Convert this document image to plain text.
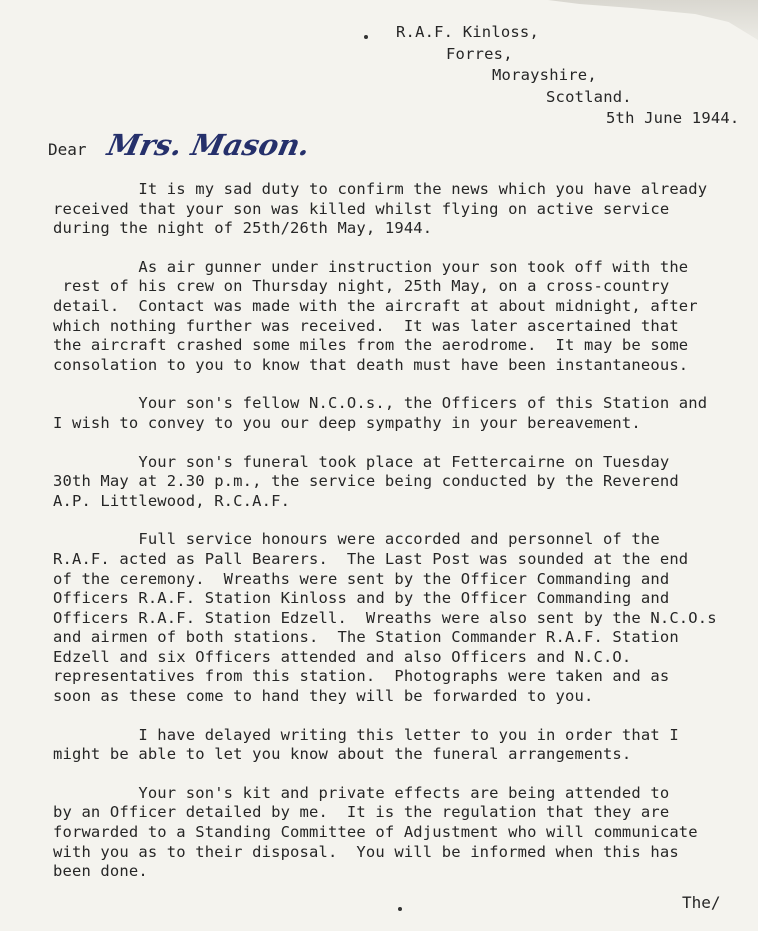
R.A.F. Kinloss,
Forres,
Morayshire,
Scotland.
5th June 1944.
Dear Mrs. Mason.
It is my sad duty to confirm the news which you have already
received that your son was killed whilst flying on active service
during the night of 25th/26th May, 1944.
As air gunner under instruction your son took off with the
rest of his crew on Thursday night, 25th May, on a cross-country
detail.  Contact was made with the aircraft at about midnight, after
which nothing further was received.  It was later ascertained that
the aircraft crashed some miles from the aerodrome.  It may be some
consolation to you to know that death must have been instantaneous.
Your son's fellow N.C.O.s., the Officers of this Station and
I wish to convey to you our deep sympathy in your bereavement.
Your son's funeral took place at Fettercairne on Tuesday
30th May at 2.30 p.m., the service being conducted by the Reverend
A.P. Littlewood, R.C.A.F.
Full service honours were accorded and personnel of the
R.A.F. acted as Pall Bearers.  The Last Post was sounded at the end
of the ceremony.  Wreaths were sent by the Officer Commanding and
Officers R.A.F. Station Kinloss and by the Officer Commanding and
Officers R.A.F. Station Edzell.  Wreaths were also sent by the N.C.O.s
and airmen of both stations.  The Station Commander R.A.F. Station
Edzell and six Officers attended and also Officers and N.C.O.
representatives from this station.  Photographs were taken and as
soon as these come to hand they will be forwarded to you.
I have delayed writing this letter to you in order that I
might be able to let you know about the funeral arrangements.
Your son's kit and private effects are being attended to
by an Officer detailed by me.  It is the regulation that they are
forwarded to a Standing Committee of Adjustment who will communicate
with you as to their disposal.  You will be informed when this has
been done.
The/
